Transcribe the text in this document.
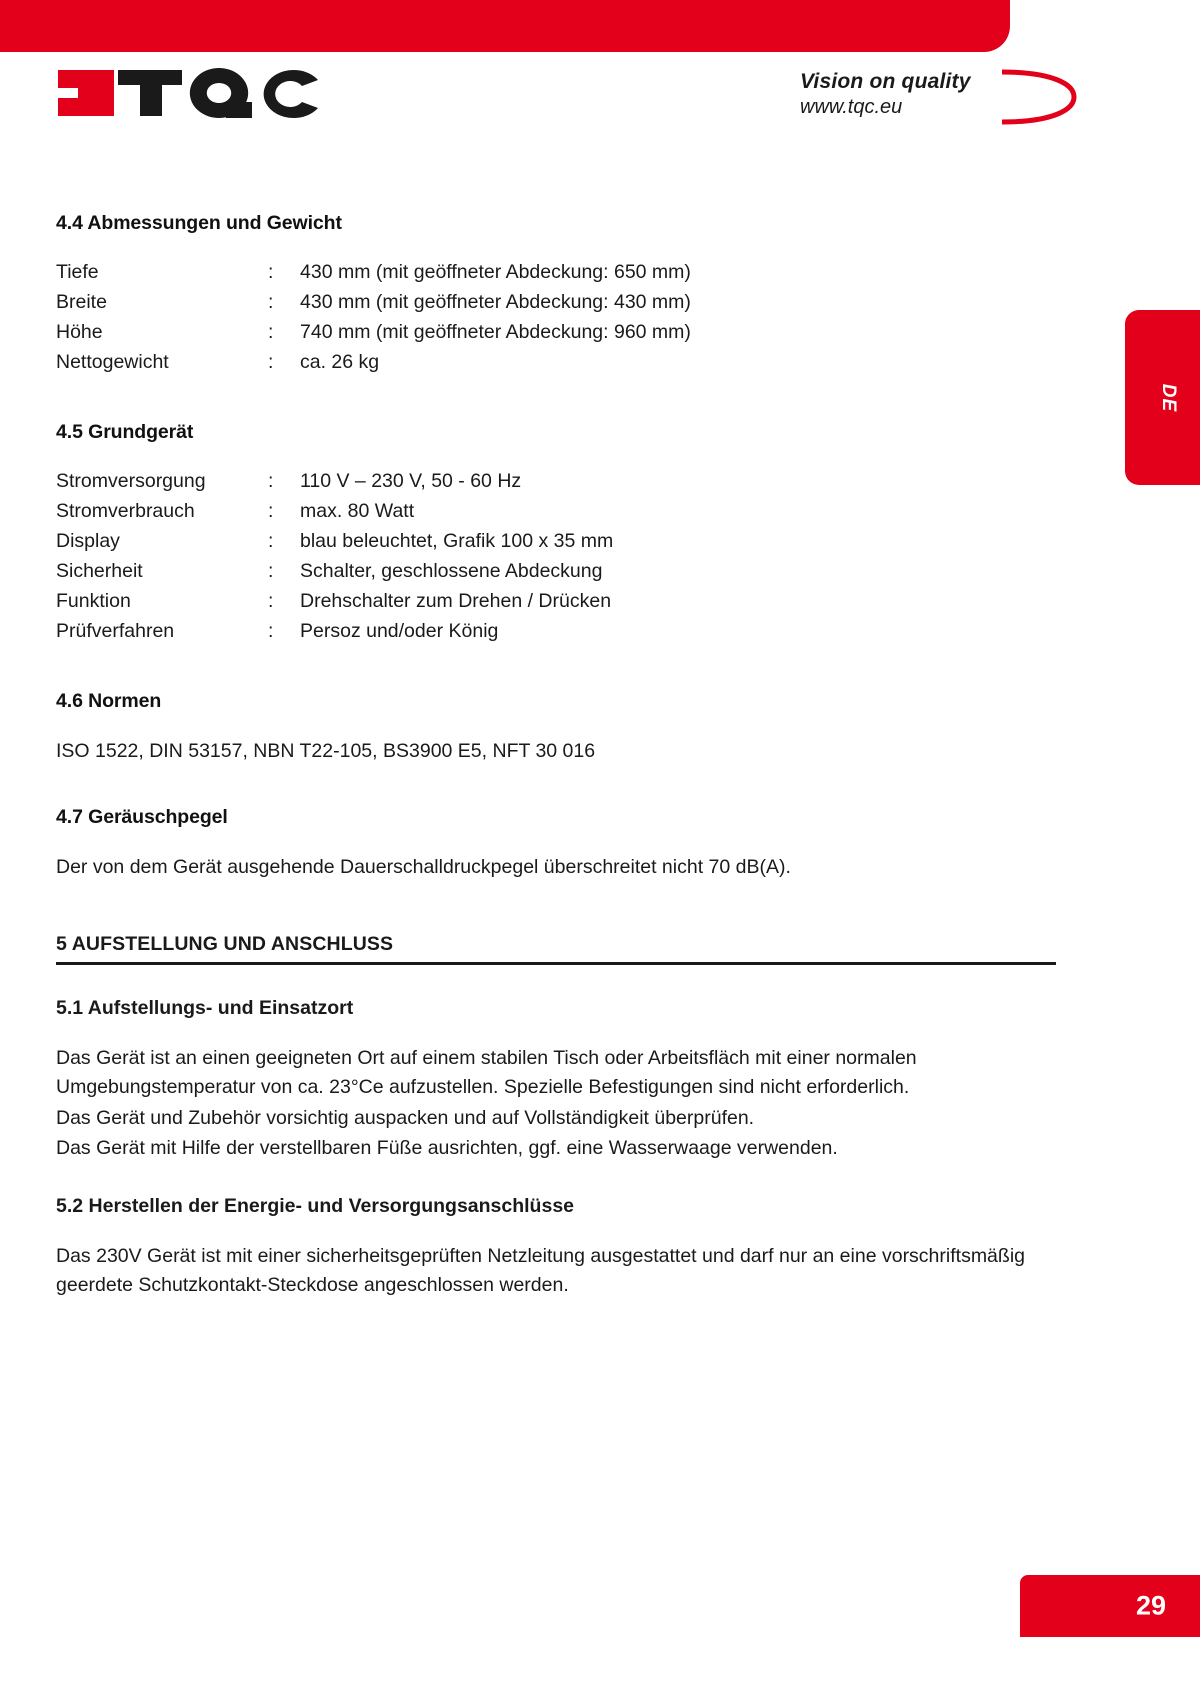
Vision on quality
www.tqc.eu
DE
4.4 Abmessungen und Gewicht
Tiefe	:	430 mm (mit geöffneter Abdeckung: 650 mm)
Breite	:	430 mm (mit geöffneter Abdeckung: 430 mm)
Höhe	:	740 mm (mit geöffneter Abdeckung: 960 mm)
Nettogewicht	:	ca. 26 kg
4.5 Grundgerät
Stromversorgung	:	110 V – 230 V, 50 - 60 Hz
Stromverbrauch	:	max. 80 Watt
Display	:	blau beleuchtet, Grafik 100 x 35 mm
Sicherheit	:	Schalter, geschlossene Abdeckung
Funktion	:	Drehschalter zum Drehen / Drücken
Prüfverfahren	:	Persoz und/oder König
4.6 Normen

ISO 1522, DIN 53157, NBN T22-105, BS3900 E5, NFT 30 016

4.7 Geräuschpegel

Der von dem Gerät ausgehende Dauerschalldruckpegel überschreitet nicht 70 dB(A).

5 AUFSTELLUNG UND ANSCHLUSS
5.1 Aufstellungs- und Einsatzort

Das Gerät ist an einen geeigneten Ort auf einem stabilen Tisch oder Arbeitsfläch mit einer normalen Umgebungstemperatur von ca. 23°Ce aufzustellen. Spezielle Befestigungen sind nicht erforderlich.

Das Gerät und Zubehör vorsichtig auspacken und auf Vollständigkeit überprüfen.

Das Gerät mit Hilfe der verstellbaren Füße ausrichten, ggf. eine Wasserwaage verwenden.

5.2 Herstellen der Energie- und Versorgungsanschlüsse

Das 230V Gerät ist mit einer sicherheitsgeprüften Netzleitung ausgestattet und darf nur an eine vorschriftsmäßig geerdete Schutzkontakt-Steckdose angeschlossen werden.

29
